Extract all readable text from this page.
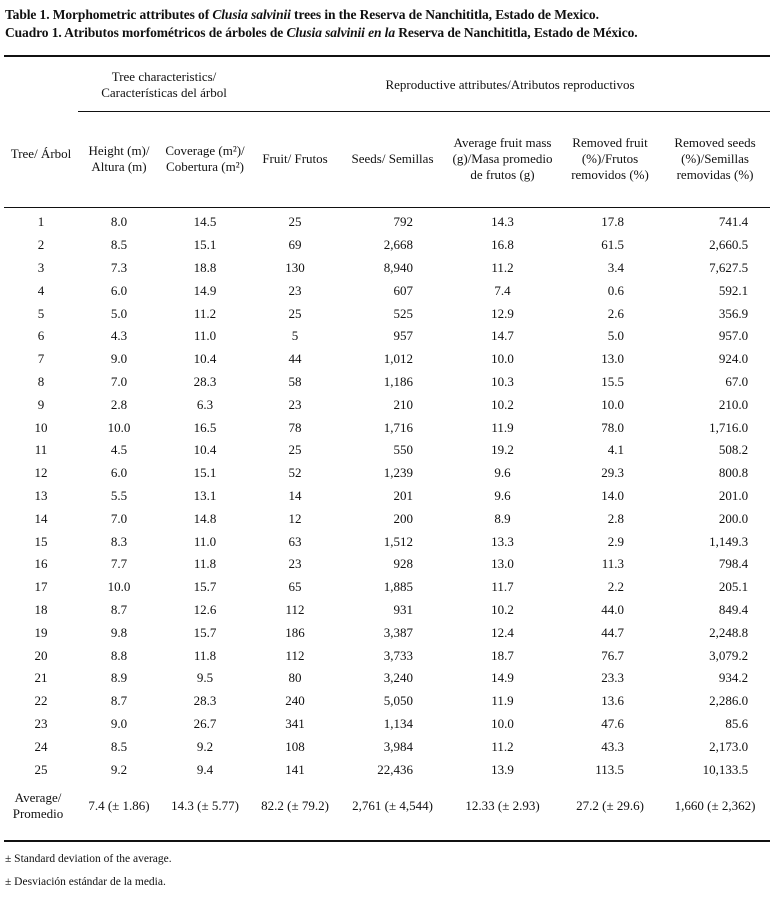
Table 1. Morphometric attributes of Clusia salvinii trees in the Reserva de Nanchititla, Estado de Mexico.
Cuadro 1. Atributos morfométricos de árboles de Clusia salvinii en la Reserva de Nanchititla, Estado de México.
Tree/ Árbol	Tree characteristics/ Características del árbol		Reproductive attributes/Atributos reproductivos				
	Height (m)/ Altura (m)	Coverage (m²)/ Cobertura (m²)	Fruit/ Frutos	Seeds/ Semillas	Average fruit mass (g)/Masa promedio de frutos (g)	Removed fruit (%)/Frutos removidos (%)	Removed seeds (%)/Semillas removidas (%)
1	8.0	14.5	25	792	14.3	17.8	741.4
2	8.5	15.1	69	2,668	16.8	61.5	2,660.5
3	7.3	18.8	130	8,940	11.2	3.4	7,627.5
4	6.0	14.9	23	607	7.4	0.6	592.1
5	5.0	11.2	25	525	12.9	2.6	356.9
6	4.3	11.0	5	957	14.7	5.0	957.0
7	9.0	10.4	44	1,012	10.0	13.0	924.0
8	7.0	28.3	58	1,186	10.3	15.5	67.0
9	2.8	6.3	23	210	10.2	10.0	210.0
10	10.0	16.5	78	1,716	11.9	78.0	1,716.0
11	4.5	10.4	25	550	19.2	4.1	508.2
12	6.0	15.1	52	1,239	9.6	29.3	800.8
13	5.5	13.1	14	201	9.6	14.0	201.0
14	7.0	14.8	12	200	8.9	2.8	200.0
15	8.3	11.0	63	1,512	13.3	2.9	1,149.3
16	7.7	11.8	23	928	13.0	11.3	798.4
17	10.0	15.7	65	1,885	11.7	2.2	205.1
18	8.7	12.6	112	931	10.2	44.0	849.4
19	9.8	15.7	186	3,387	12.4	44.7	2,248.8
20	8.8	11.8	112	3,733	18.7	76.7	3,079.2
21	8.9	9.5	80	3,240	14.9	23.3	934.2
22	8.7	28.3	240	5,050	11.9	13.6	2,286.0
23	9.0	26.7	341	1,134	10.0	47.6	85.6
24	8.5	9.2	108	3,984	11.2	43.3	2,173.0
25	9.2	9.4	141	22,436	13.9	113.5	10,133.5
Average/ Promedio	7.4 (± 1.86)	14.3 (± 5.77)	82.2 (± 79.2)	2,761 (± 4,544)	12.33 (± 2.93)	27.2 (± 29.6)	1,660 (± 2,362)
± Standard deviation of the average.
± Desviación estándar de la media.
